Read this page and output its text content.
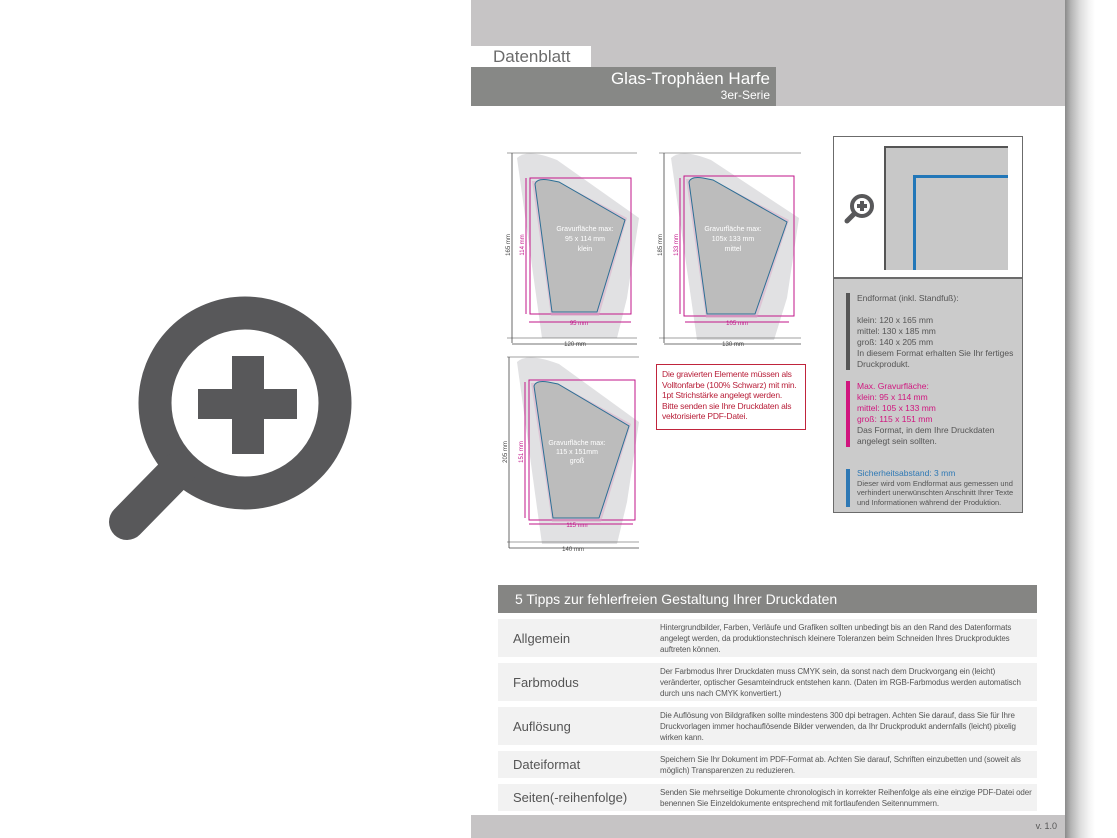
Datenblatt
Glas-Trophäen Harfe
3er-Serie
v. 1.0
Gravurfläche max:
95 x 114 mm
klein
95 mm
120 mm
165 mm 114 mm
Gravurfläche max:
105x 133 mm
mittel
105 mm
130 mm
185 mm 133 mm
Gravurfläche max:
115 x 151mm
groß
115 mm
140 mm
205 mm 151 mm
Die gravierten Elemente müssen als Volltonfarbe (100% Schwarz) mit min. 1pt Strichstärke angelegt werden. Bitte senden sie Ihre Druckdaten als vektorisierte PDF-Datei.
Endformat (inkl. Standfuß):
klein: 120 x 165 mm
mittel: 130 x 185 mm
groß: 140 x 205 mm
In diesem Format erhalten Sie Ihr fertiges Druckprodukt.
Max. Gravurfläche:
klein: 95 x 114 mm
mittel: 105 x 133 mm
groß: 115 x 151 mm
Das Format, in dem Ihre Druckdaten angelegt sein sollten.
Sicherheitsabstand: 3 mm
Dieser wird vom Endformat aus gemessen und verhindert unerwünschten Anschnitt Ihrer Texte und Informationen während der Produktion.
5 Tipps zur fehlerfreien Gestaltung Ihrer Druckdaten
Allgemein
Hintergrundbilder, Farben, Verläufe und Grafiken sollten unbedingt bis an den Rand des Datenformats angelegt werden, da produktionstechnisch kleinere Toleranzen beim Schneiden Ihres Druckproduktes auftreten können.
Farbmodus
Der Farbmodus Ihrer Druckdaten muss CMYK sein, da sonst nach dem Druckvorgang ein (leicht) veränderter, optischer Gesamteindruck entstehen kann. (Daten im RGB-Farbmodus werden automatisch durch uns nach CMYK konvertiert.)
Auflösung
Die Auflösung von Bildgrafiken sollte mindestens 300 dpi betragen. Achten Sie darauf, dass Sie für Ihre Druckvorlagen immer hochauflösende Bilder verwenden, da Ihr Druckprodukt andernfalls (leicht) pixelig wirken kann.
Dateiformat	Speichern Sie Ihr Dokument im PDF-Format ab. Achten Sie darauf, Schriften einzubetten und (soweit als möglich) Transparenzen zu reduzieren.
Seiten(-reihenfolge)	Senden Sie mehrseitige Dokumente chronologisch in korrekter Reihenfolge als eine einzige PDF-Datei oder benennen Sie Einzeldokumente entsprechend mit fortlaufenden Seitennummern.
